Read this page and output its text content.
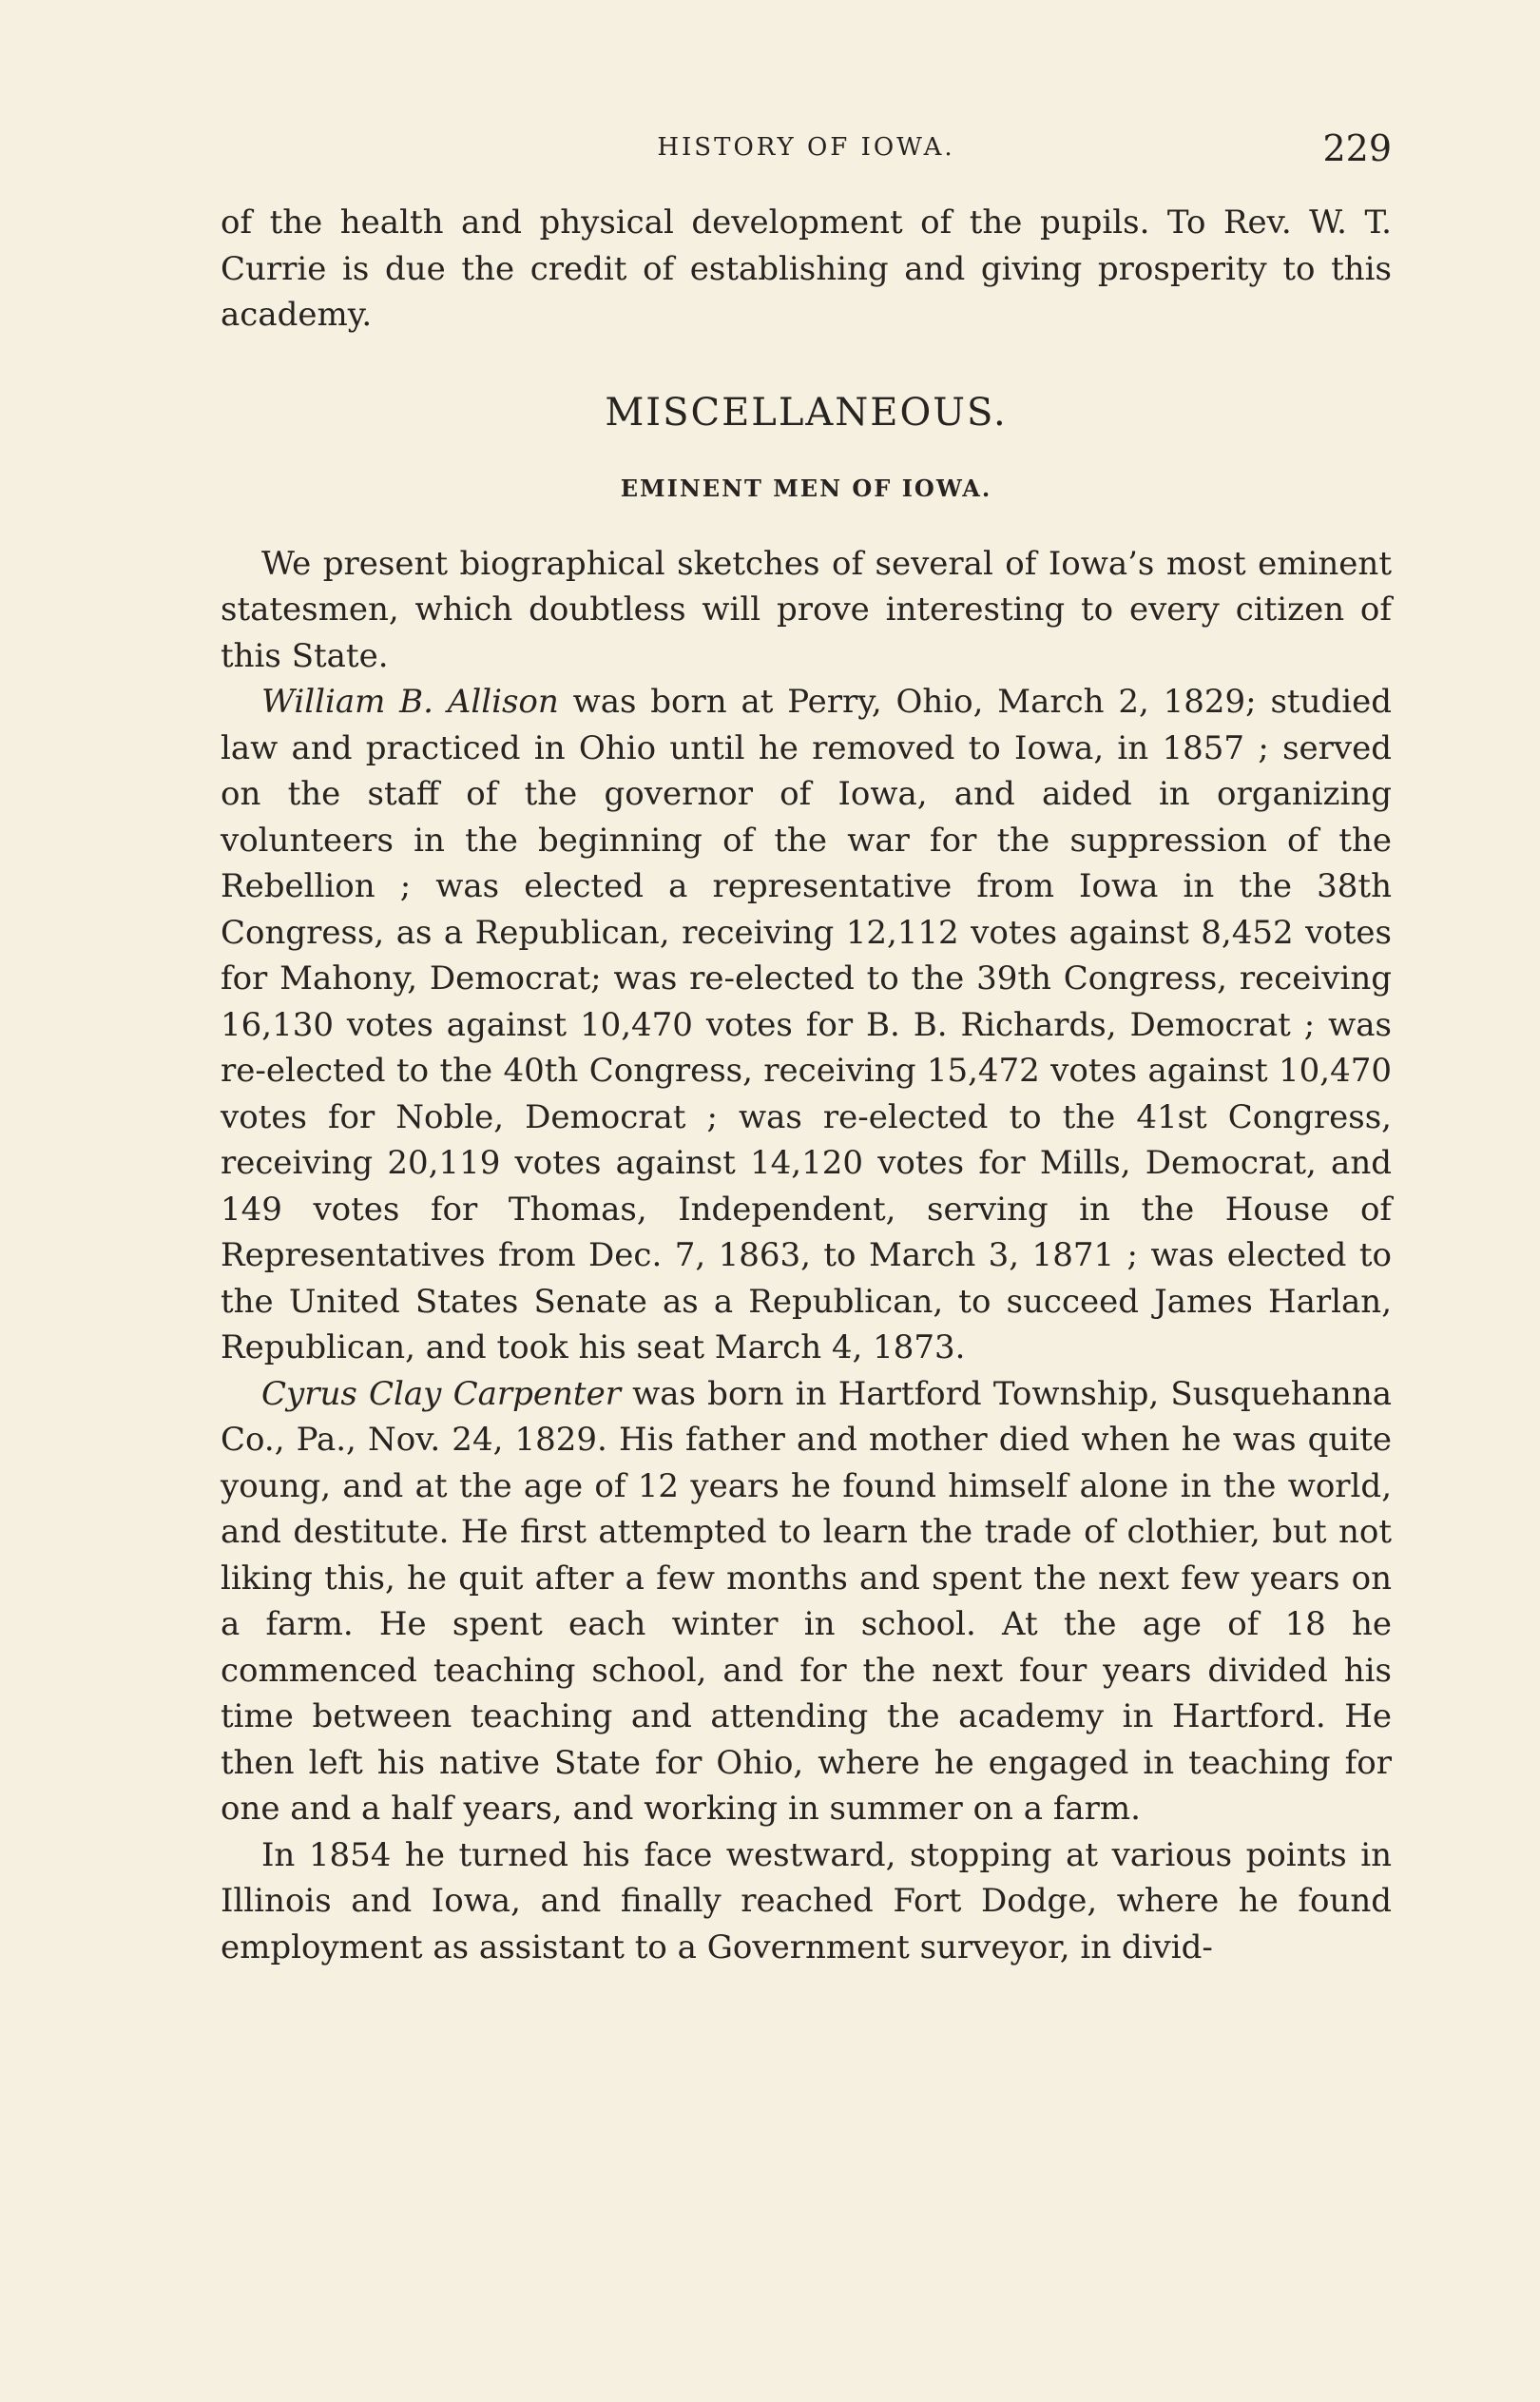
HISTORY OF IOWA.	229

of the health and physical development of the pupils. To Rev. W. T. Currie is due the credit of establishing and giving prosperity to this academy.

MISCELLANEOUS.
EMINENT MEN OF IOWA.

We present biographical sketches of several of Iowa’s most eminent statesmen, which doubtless will prove interesting to every citizen of this State.

William B. Allison was born at Perry, Ohio, March 2, 1829; studied law and practiced in Ohio until he removed to Iowa, in 1857 ; served on the staff of the governor of Iowa, and aided in organizing volunteers in the beginning of the war for the suppression of the Rebellion ; was elected a representative from Iowa in the 38th Congress, as a Republican, receiving 12,112 votes against 8,452 votes for Mahony, Democrat; was re-elected to the 39th Congress, receiving 16,130 votes against 10,470 votes for B. B. Richards, Democrat ; was re-elected to the 40th Congress, receiving 15,472 votes against 10,470 votes for Noble, Democrat ; was re-elected to the 41st Congress, receiving 20,119 votes against 14,120 votes for Mills, Democrat, and 149 votes for Thomas, Independent, serving in the House of Representatives from Dec. 7, 1863, to March 3, 1871 ; was elected to the United States Senate as a Republican, to succeed James Harlan, Republican, and took his seat March 4, 1873.

Cyrus Clay Carpenter was born in Hartford Township, Susquehanna Co., Pa., Nov. 24, 1829. His father and mother died when he was quite young, and at the age of 12 years he found himself alone in the world, and destitute. He first attempted to learn the trade of clothier, but not liking this, he quit after a few months and spent the next few years on a farm. He spent each winter in school. At the age of 18 he commenced teaching school, and for the next four years divided his time between teaching and attending the academy in Hartford. He then left his native State for Ohio, where he engaged in teaching for one and a half years, and working in summer on a farm.

In 1854 he turned his face westward, stopping at various points in Illinois and Iowa, and finally reached Fort Dodge, where he found employment as assistant to a Government surveyor, in divid-
